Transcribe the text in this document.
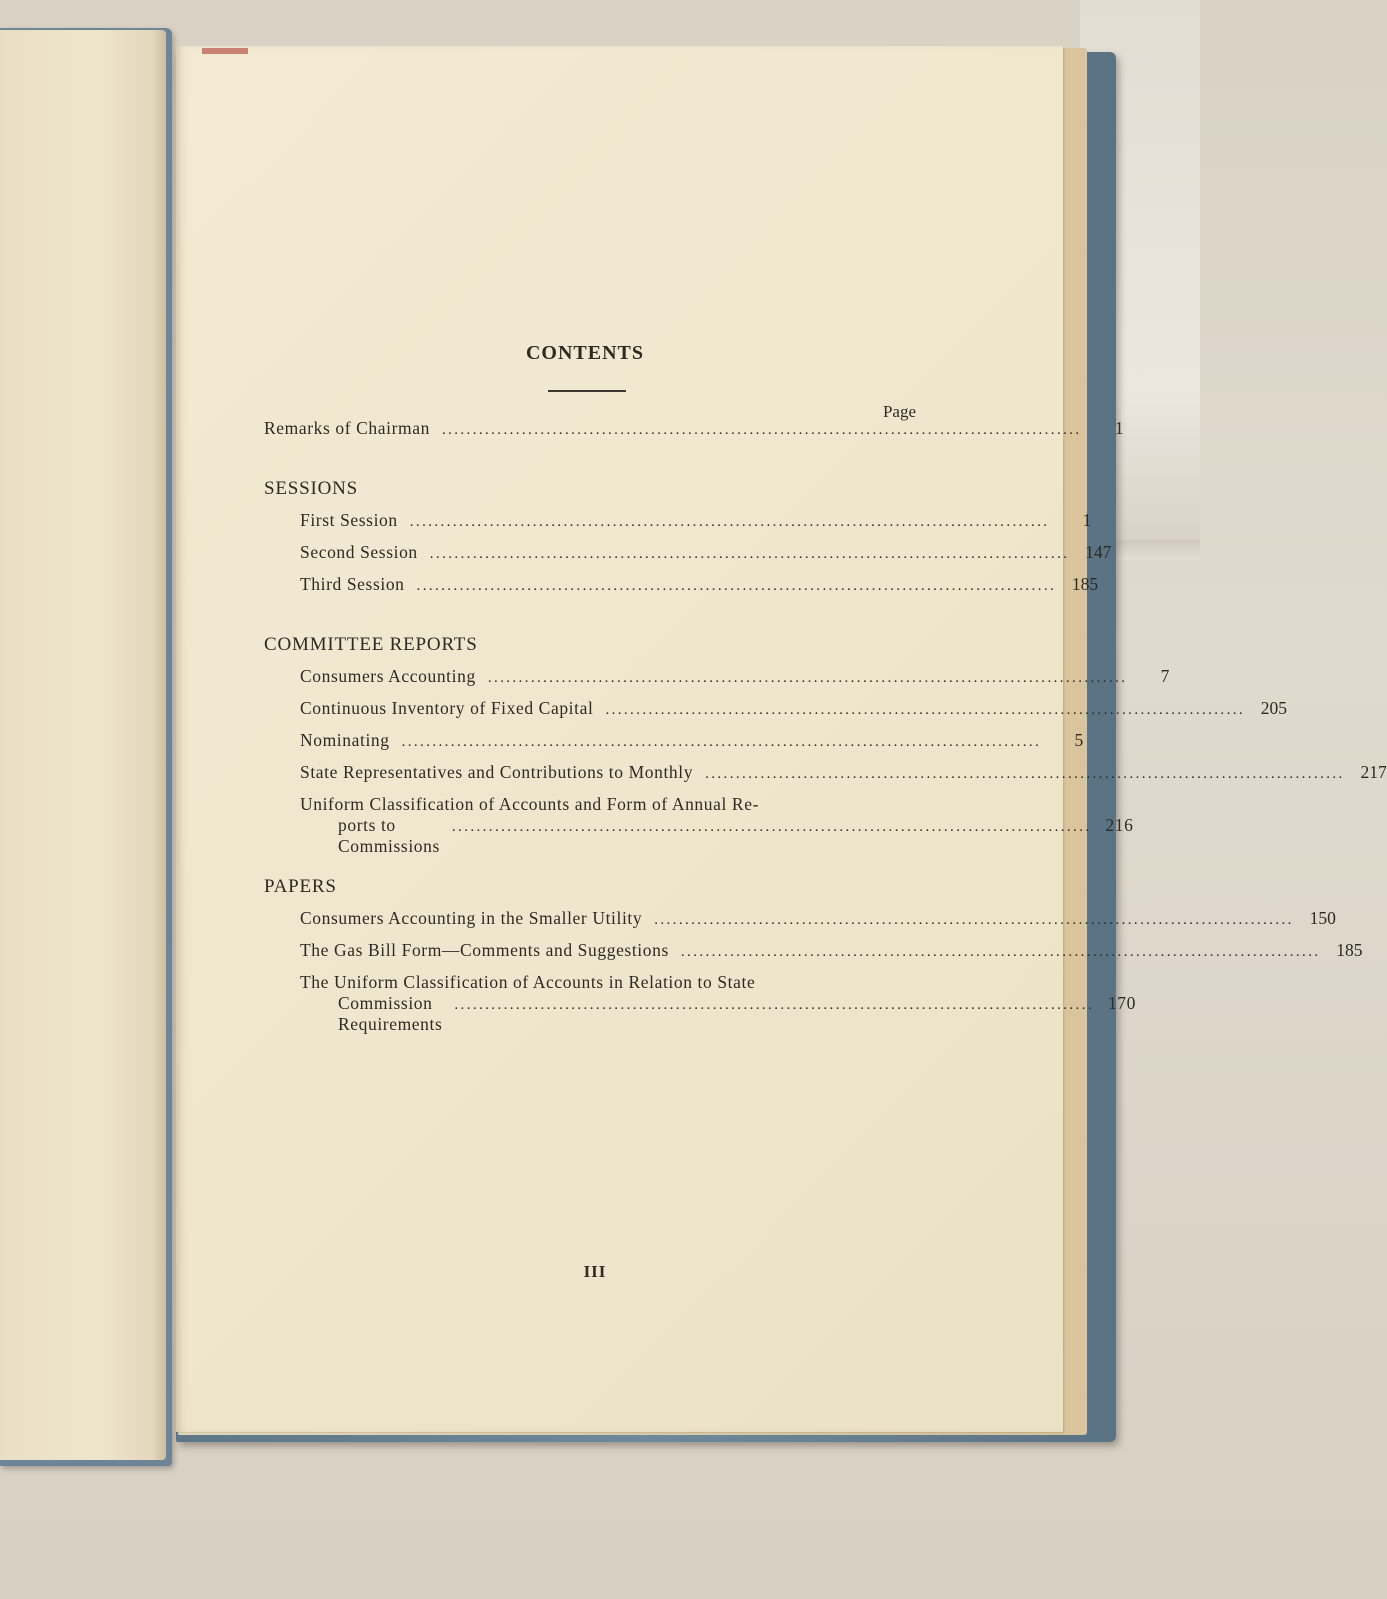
CONTENTS
Page
Remarks of Chairman ........................................................................................................	1
SESSIONS
First Session ........................................................................................................	1
Second Session ........................................................................................................ 147
Third Session ........................................................................................................ 185
COMMITTEE REPORTS
Consumers Accounting ........................................................................................................	7
Continuous Inventory of Fixed Capital ........................................................................................................ 205
Nominating ........................................................................................................	5
State Representatives and Contributions to Monthly ........................................................................................................ 217
Uniform Classification of Accounts and Form of Annual Re-
ports to Commissions
........................................................................................................ 216
PAPERS
Consumers Accounting in the Smaller Utility ........................................................................................................ 150
The Gas Bill Form—Comments and Suggestions ........................................................................................................ 185
The Uniform Classification of Accounts in Relation to State
Commission Requirements
........................................................................................................ 170
III
